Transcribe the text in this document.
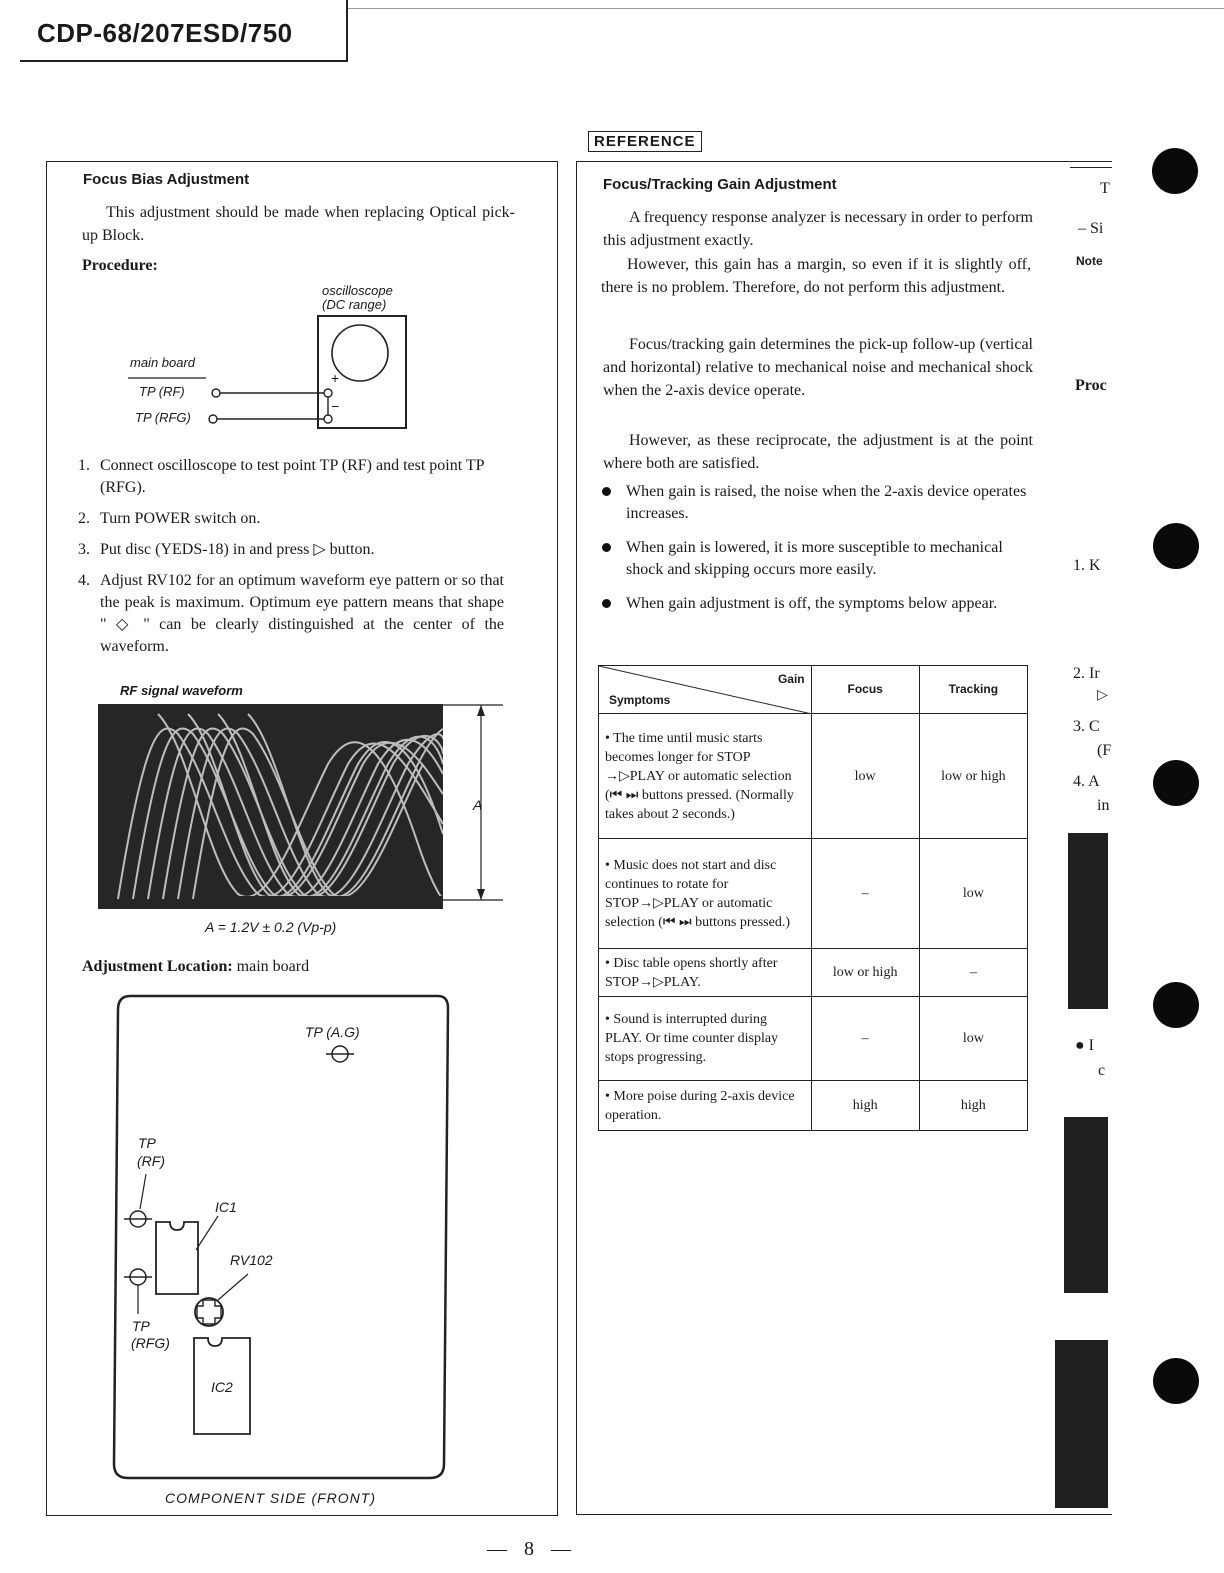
CDP-68/207ESD/750
REFERENCE
Focus Bias Adjustment
This adjustment should be made when replacing Optical pick-up Block.
Procedure:
oscilloscope
(DC range)
main board
TP (RF)
TP (RFG)
+
−
1. Connect oscilloscope to test point TP (RF) and test point TP (RFG).
2. Turn POWER switch on.
3. Put disc (YEDS-18) in and press ▷ button.
4. Adjust RV102 for an optimum waveform eye pattern or so that the peak is maximum. Optimum eye pattern means that shape " ◇ " can be clearly distinguished at the center of the waveform.
RF signal waveform
A
A = 1.2V ± 0.2 (Vp-p)
Adjustment Location: main board
TP (A.G)
TP
(RF)
IC1
RV102
TP
(RFG)
IC2
COMPONENT SIDE (FRONT)
Focus/Tracking Gain Adjustment
A frequency response analyzer is necessary in order to perform this adjustment exactly.
However, this gain has a margin, so even if it is slightly off, there is no problem. Therefore, do not perform this adjustment.
Focus/tracking gain determines the pick-up follow-up (vertical and horizontal) relative to mechanical noise and mechanical shock when the 2-axis device operate.
However, as these reciprocate, the adjustment is at the point where both are satisfied.
When gain is raised, the noise when the 2-axis device operates increases.
When gain is lowered, it is more susceptible to mechanical shock and skipping occurs more easily.
When gain adjustment is off, the symptoms below appear.
Gain
Symptoms	Focus	Tracking
• The time until music starts becomes longer for STOP →▷PLAY or automatic selection (⏮ ⏭ buttons pressed. (Normally takes about 2 seconds.)	low	low or high
• Music does not start and disc continues to rotate for STOP→▷PLAY or automatic selection (⏮ ⏭ buttons pressed.)	–	low
• Disc table opens shortly after STOP→▷PLAY.	low or high	–
• Sound is interrupted during PLAY. Or time counter display stops progressing.	–	low
• More poise during 2-axis device operation.	high	high
T
– Si
Note
Proc
1. K
2. Ir
▷
3. C
(F
4. A
in
● I
c
— 8 —
